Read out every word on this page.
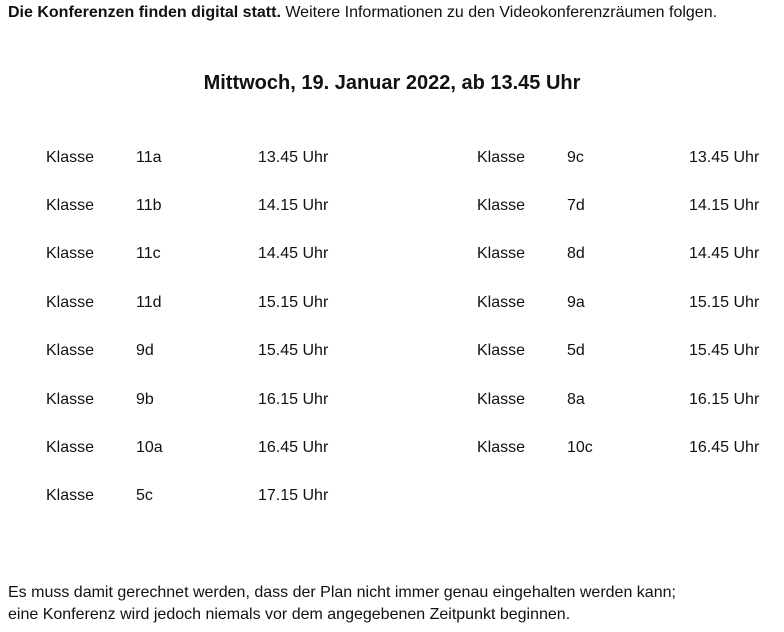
Die Konferenzen finden digital statt. Weitere Informationen zu den Videokonferenzräumen folgen.
Mittwoch, 19. Januar 2022, ab 13.45 Uhr
Klasse	11a	13.45 Uhr
Klasse	11b	14.15 Uhr
Klasse	11c	14.45 Uhr
Klasse	11d	15.15 Uhr
Klasse	9d	15.45 Uhr
Klasse	9b	16.15 Uhr
Klasse	10a	16.45 Uhr
Klasse	5c	17.15 Uhr
Klasse	9c	13.45 Uhr
Klasse	7d	14.15 Uhr
Klasse	8d	14.45 Uhr
Klasse	9a	15.15 Uhr
Klasse	5d	15.45 Uhr
Klasse	8a	16.15 Uhr
Klasse	10c	16.45 Uhr
Es muss damit gerechnet werden, dass der Plan nicht immer genau eingehalten werden kann;
eine Konferenz wird jedoch niemals vor dem angegebenen Zeitpunkt beginnen.
